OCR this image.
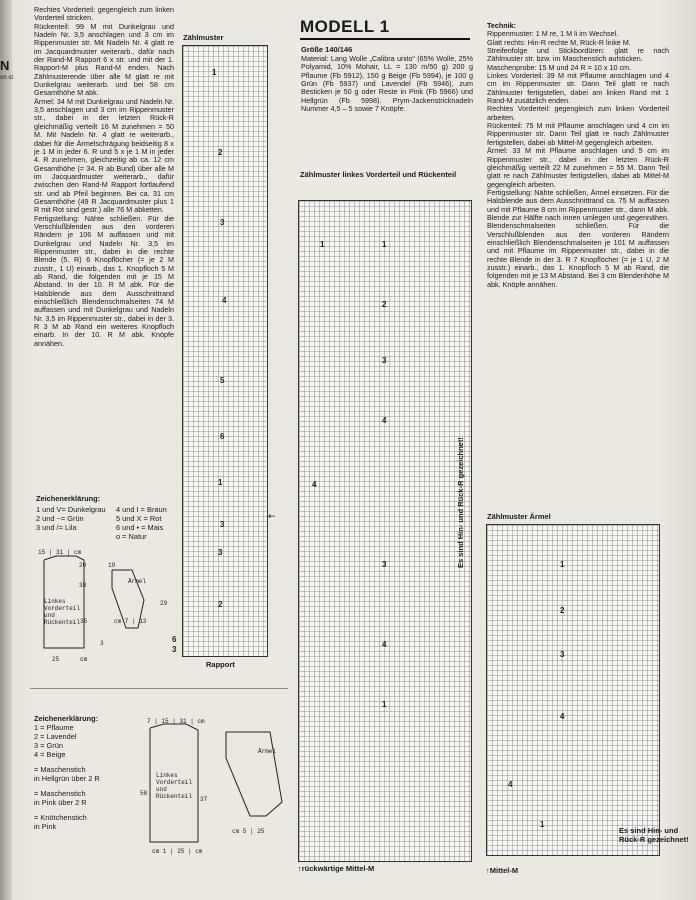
N
on st

Rechtes Vorderteil: gegengleich zum linken Vorderteil stricken.

Rückenteil: 99 M mit Dunkelgrau und Nadeln Nr. 3,5 anschlagen und 3 cm im Rippenmuster str. Mit Nadeln Nr. 4 glatt re im Jacquardmuster weiterarb., dafür nach der Rand-M Rapport 6 x str. und mit der 1. Rapport-M plus Rand-M enden. Nach Zählmusterende über alle M glatt re mit Dunkelgrau weiterarb. und bei 58 cm Gesamthöhe M abk.

Ärmel: 34 M mit Dunkelgrau und Nadeln Nr. 3,5 anschlagen und 3 cm im Rippenmuster str., dabei in der letzten Rück-R gleichmäßig verteilt 16 M zunehmen = 50 M. Mit Nadeln Nr. 4 glatt re weiterarb., dabei für die Ärmelschrägung beidseitig 8 x je 1 M in jeder 6. R und 5 x je 1 M in jeder 4. R zunehmen, gleichzeitig ab ca. 12 cm Gesamthöhe (= 34. R ab Bund) über alle M im Jacquardmuster weiterarb., dafür zwischen den Rand-M Rapport fortlaufend str. und ab Pfeil beginnen. Bei ca. 31 cm Gesamthöhe (49 R Jacquardmuster plus 1 R mit Rot sind gestr.) alle 76 M abketten.

Fertigstellung: Nähte schließen. Für die Verschlußblenden aus den vorderen Rändern je 106 M auffassen und mit Dunkelgrau und Nadeln Nr. 3,5 im Rippenmuster str., dabei in die rechte Blende (5. R) 6 Knopflöcher (= je 2 M zusstr., 1 U) einarb., das 1. Knopfloch 5 M ab Rand, die folgenden mit je 15 M Abstand. In der 10. R M abk. Für die Halsblende aus dem Ausschnittrand einschließlich Blendenschmalseiten 74 M auffassen und mit Dunkelgrau und Nadeln Nr. 3,5 im Rippenmuster str., dabei in der 3. R 3 M ab Rand ein weiteres Knopfloch einarb. In der 10. R M abk. Knöpfe annähen.

Zeichenerklärung:
1 und V= Dunkelgrau
2 und ~= Grün
3 und /= Lila
4 und I = Braun
5 und X = Rot
6 und • = Mais
o = Natur
15 | 31 | cm
20
38
Linkes
Vorderteil
und
Rückenteil 35
25	cm
Ärmel
19
cm 7 | 13
29
3
Zeichenerklärung:
1 = Pflaume
2 = Lavendel
3 = Grün
4 = Beige
= Maschenstich
in Hellgrün über 2 R
= Maschenstich
in Pink über 2 R
= Knötchenstich
in Pink
7 | 15 | 31 | cm
Linkes
Vorderteil
und
Rückenteil
58
37
cm 1 | 25 | cm
Ärmel
cm 5 | 25
Zählmuster
1
2
3
4
5
6
1
3
2
3
6
3
←
Rapport
MODELL 1
Größe 140/146

Material: Lang Wolle „Calibra unito“ (65% Wolle, 25% Polyamid, 10% Mohair, LL = 130 m/50 g) 200 g Pflaume (Fb 5912), 150 g Beige (Fb 5994), je 100 g Grün (Fb 5937) und Lavendel (Fb 5946), zum Besticken je 50 g oder Reste in Pink (Fb 5966) und Hellgrün (Fb 5998). Prym-Jackenstricknadeln Nummer 4,5 – 5 sowie 7 Knöpfe.

Zählmuster linkes Vorderteil und Rückenteil
1	1
2
3
4
4
3
4
1
Es sind Hin- und Rück-R gezeichnet!
↑rückwärtige Mittel-M

Technik:

Rippenmuster: 1 M re, 1 M li im Wechsel.

Glatt rechts: Hin-R rechte M, Rück-R linke M.

Streifenfolge und Stickbordüren: glatt re nach Zählmuster str. bzw. im Maschenstich aufsticken.

Maschenprobe: 15 M und 24 R = 10 x 10 cm.

Linkes Vorderteil: 39 M mit Pflaume anschlagen und 4 cm im Rippenmuster str. Dann Teil glatt re nach Zählmuster fertigstellen, dabei am linken Rand mit 1 Rand-M zusätzlich enden.

Rechtes Vorderteil: gegengleich zum linken Vorderteil arbeiten.

Rückenteil: 75 M mit Pflaume anschlagen und 4 cm im Rippenmuster str. Dann Teil glatt re nach Zählmuster fertigstellen, dabei ab Mittel-M gegengleich arbeiten.

Ärmel: 33 M mit Pflaume anschlagen und 5 cm im Rippenmuster str., dabei in der letzten Rück-R gleichmäßig verteilt 22 M zunehmen = 55 M. Dann Teil glatt re nach Zählmuster fertigstellen, dabei ab Mittel-M gegengleich arbeiten.

Fertigstellung: Nähte schließen, Ärmel einsetzen. Für die Halsblende aus dem Ausschnittrand ca. 75 M auffassen und mit Pflaume 8 cm im Rippenmuster str., dann M abk. Blende zur Hälfte nach innen umlegen und gegennähen. Blendenschmalseiten schließen. Für die Verschlußblenden aus den vorderen Rändern einschließlich Blendenschmalseiten je 101 M auffassen und mit Pflaume im Rippenmuster str., dabei in die rechte Blende in der 3. R 7 Knopflöcher (= je 1 U, 2 M zusstr.) einarb., das 1. Knopfloch 5 M ab Rand, die folgenden mit je 13 M Abstand. Bei 3 cm Blendenhöhe M abk. Knöpfe annähen.

Zählmuster Ärmel
1
2
3
4
4
1
Es sind Hin- und Rück-R gezeichnet!
↑Mittel-M
